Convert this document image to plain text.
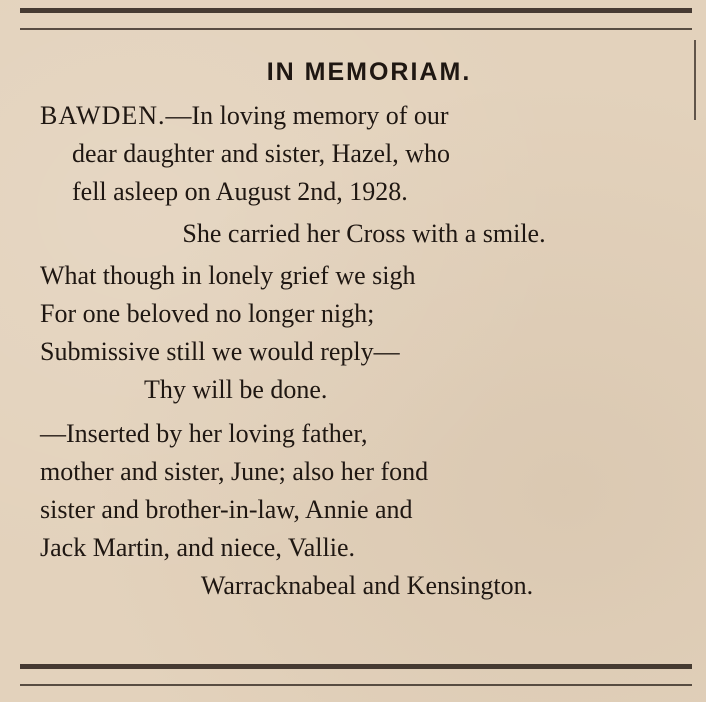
IN MEMORIAM.

BAWDEN.—In loving memory of our
dear daughter and sister, Hazel, who
fell asleep on August 2nd, 1928.

She carried her Cross with a smile.
What though in lonely grief we sigh
For one beloved no longer nigh;
Submissive still we would reply—
Thy will be done.

—Inserted by her loving father,
mother and sister, June; also her fond
sister and brother-in-law, Annie and
Jack Martin, and niece, Vallie.

Warracknabeal and Kensington.
